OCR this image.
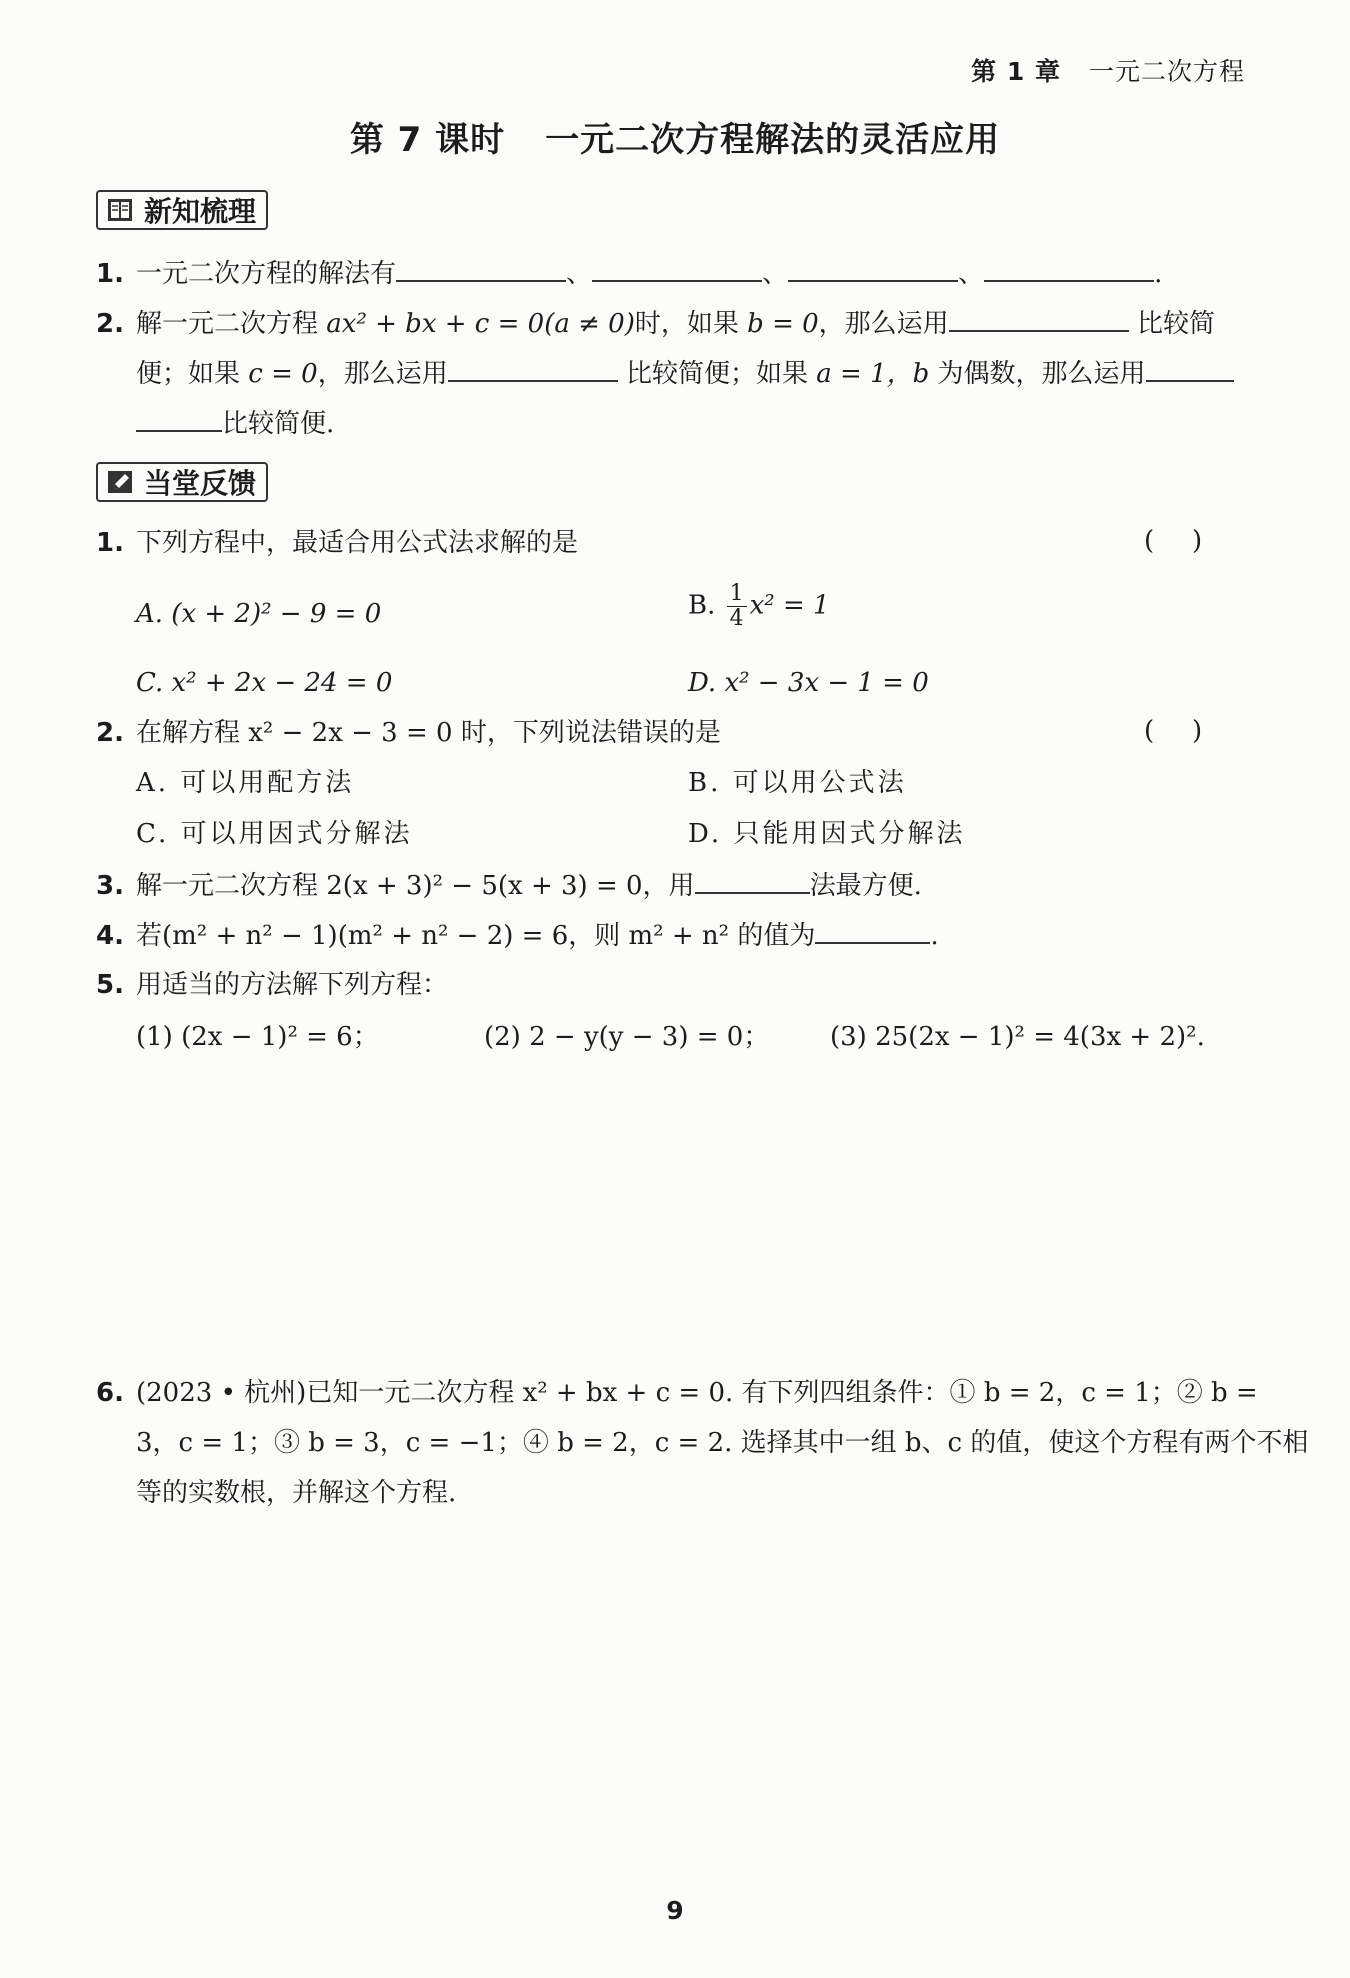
第 1 章 一元二次方程
第 7 课时 一元二次方程解法的灵活应用
新知梳理
1. 一元二次方程的解法有	、	、	、	.
2. 解一元二次方程 ax² + bx + c = 0(a ≠ 0)时，如果 b = 0，那么运用	比较简
便；如果 c = 0，那么运用	比较简便；如果 a = 1，b 为偶数，那么运用
比较简便.
当堂反馈
1. 下列方程中，最适合用公式法求解的是	( )
A. (x + 2)² − 9 = 0	B. $\frac{1}{4} x^2 = 1$
C. x² + 2x − 24 = 0	D. x² − 3x − 1 = 0
2. 在解方程 x² − 2x − 3 = 0 时，下列说法错误的是	( )
A. 可以用配方法	B. 可以用公式法
C. 可以用因式分解法	D. 只能用因式分解法
3. 解一元二次方程 2(x + 3)² − 5(x + 3) = 0，用	法最方便.
4. 若(m² + n² − 1)(m² + n² − 2) = 6，则 m² + n² 的值为	.
5. 用适当的方法解下列方程：
(1) (2x − 1)² = 6；	(2) 2 − y(y − 3) = 0； (3) 25(2x − 1)² = 4(3x + 2)².
6. (2023 • 杭州)已知一元二次方程 x² + bx + c = 0. 有下列四组条件：① b = 2，c = 1；② b =
3，c = 1；③ b = 3，c = −1；④ b = 2，c = 2. 选择其中一组 b、c 的值，使这个方程有两个不相
等的实数根，并解这个方程.
9
